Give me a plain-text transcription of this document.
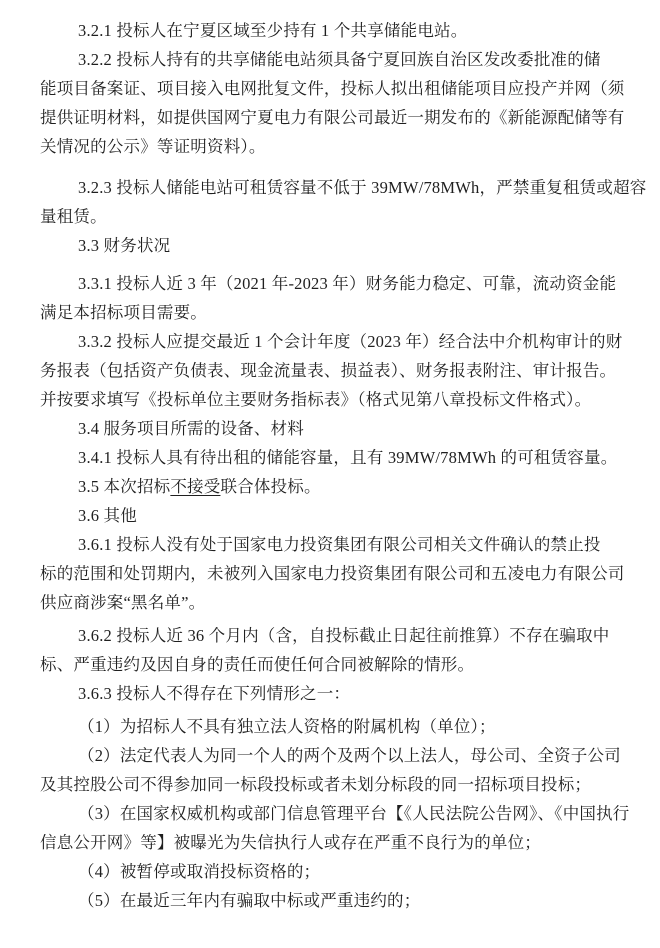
3.2.1 投标人在宁夏区域至少持有 1 个共享储能电站。
3.2.2 投标人持有的共享储能电站须具备宁夏回族自治区发改委批准的储
能项目备案证、项目接入电网批复文件，投标人拟出租储能项目应投产并网（须
提供证明材料，如提供国网宁夏电力有限公司最近一期发布的《新能源配储等有
关情况的公示》等证明资料）。
3.2.3 投标人储能电站可租赁容量不低于 39MW/78MWh，严禁重复租赁或超容
量租赁。
3.3 财务状况
3.3.1 投标人近 3 年（2021 年-2023 年）财务能力稳定、可靠，流动资金能
满足本招标项目需要。
3.3.2 投标人应提交最近 1 个会计年度（2023 年）经合法中介机构审计的财
务报表（包括资产负债表、现金流量表、损益表）、财务报表附注、审计报告。
并按要求填写《投标单位主要财务指标表》（格式见第八章投标文件格式）。
3.4 服务项目所需的设备、材料
3.4.1 投标人具有待出租的储能容量，且有 39MW/78MWh 的可租赁容量。
3.5 本次招标不接受联合体投标。
3.6 其他
3.6.1 投标人没有处于国家电力投资集团有限公司相关文件确认的禁止投
标的范围和处罚期内，未被列入国家电力投资集团有限公司和五凌电力有限公司
供应商涉案“黑名单”。
3.6.2 投标人近 36 个月内（含，自投标截止日起往前推算）不存在骗取中
标、严重违约及因自身的责任而使任何合同被解除的情形。
3.6.3 投标人不得存在下列情形之一：
（1）为招标人不具有独立法人资格的附属机构（单位）；
（2）法定代表人为同一个人的两个及两个以上法人，母公司、全资子公司
及其控股公司不得参加同一标段投标或者未划分标段的同一招标项目投标；
（3）在国家权威机构或部门信息管理平台【《人民法院公告网》、《中国执行
信息公开网》等】被曝光为失信执行人或存在严重不良行为的单位；
（4）被暂停或取消投标资格的；
（5）在最近三年内有骗取中标或严重违约的；
